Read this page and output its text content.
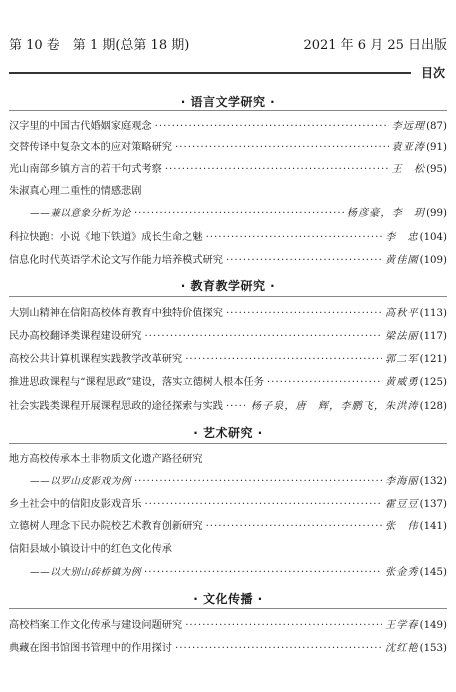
第 10 卷　第 1 期(总第 18 期)	2021 年 6 月 25 日出版
目次
· 语言文学研究 ·
汉字里的中国古代婚姻家庭观念 ·····	李远理 (87)
交替传译中复杂文本的应对策略研究 ·····	袁亚涛 (91)
光山南部乡镇方言的若干句式考察 ·····	王　松 (95)
朱淑真心理二重性的情感悲剧
——兼以意象分析为论 ·····	杨彦豪，李　玥 (99)
科拉快跑：小说《地下铁道》成长生命之魅 ·····	李　忠 (104)
信息化时代英语学术论文写作能力培养模式研究 ·····	黄佳園 (109)
· 教育教学研究 ·
大别山精神在信阳高校体育教育中独特价值探究 ·····	高秋平 (113)
民办高校翻译类课程建设研究 ·····	梁法丽 (117)
高校公共计算机课程实践教学改革研究 ·····	郭二军 (121)
推进思政课程与“课程思政”建设，落实立德树人根本任务 ·····	黄威勇 (125)
社会实践类课程开展课程思政的途径探索与实践 ·····	杨子泉，唐　辉，李鹏飞，朱洪涛 (128)
· 艺术研究 ·
地方高校传承本土非物质文化遗产路径研究
——以罗山皮影戏为例 ·····	李海丽 (132)
乡土社会中的信阳皮影戏音乐 ·····	霍豆豆 (137)
立德树人理念下民办院校艺术教育创新研究 ·····	张　伟 (141)
信阳县域小镇设计中的红色文化传承
——以大别山砖桥镇为例 ·····	张金秀 (145)
· 文化传播 ·
高校档案工作文化传承与建设问题研究 ·····	王学春 (149)
典藏在图书馆图书管理中的作用探讨 ·····	沈红艳 (153)
